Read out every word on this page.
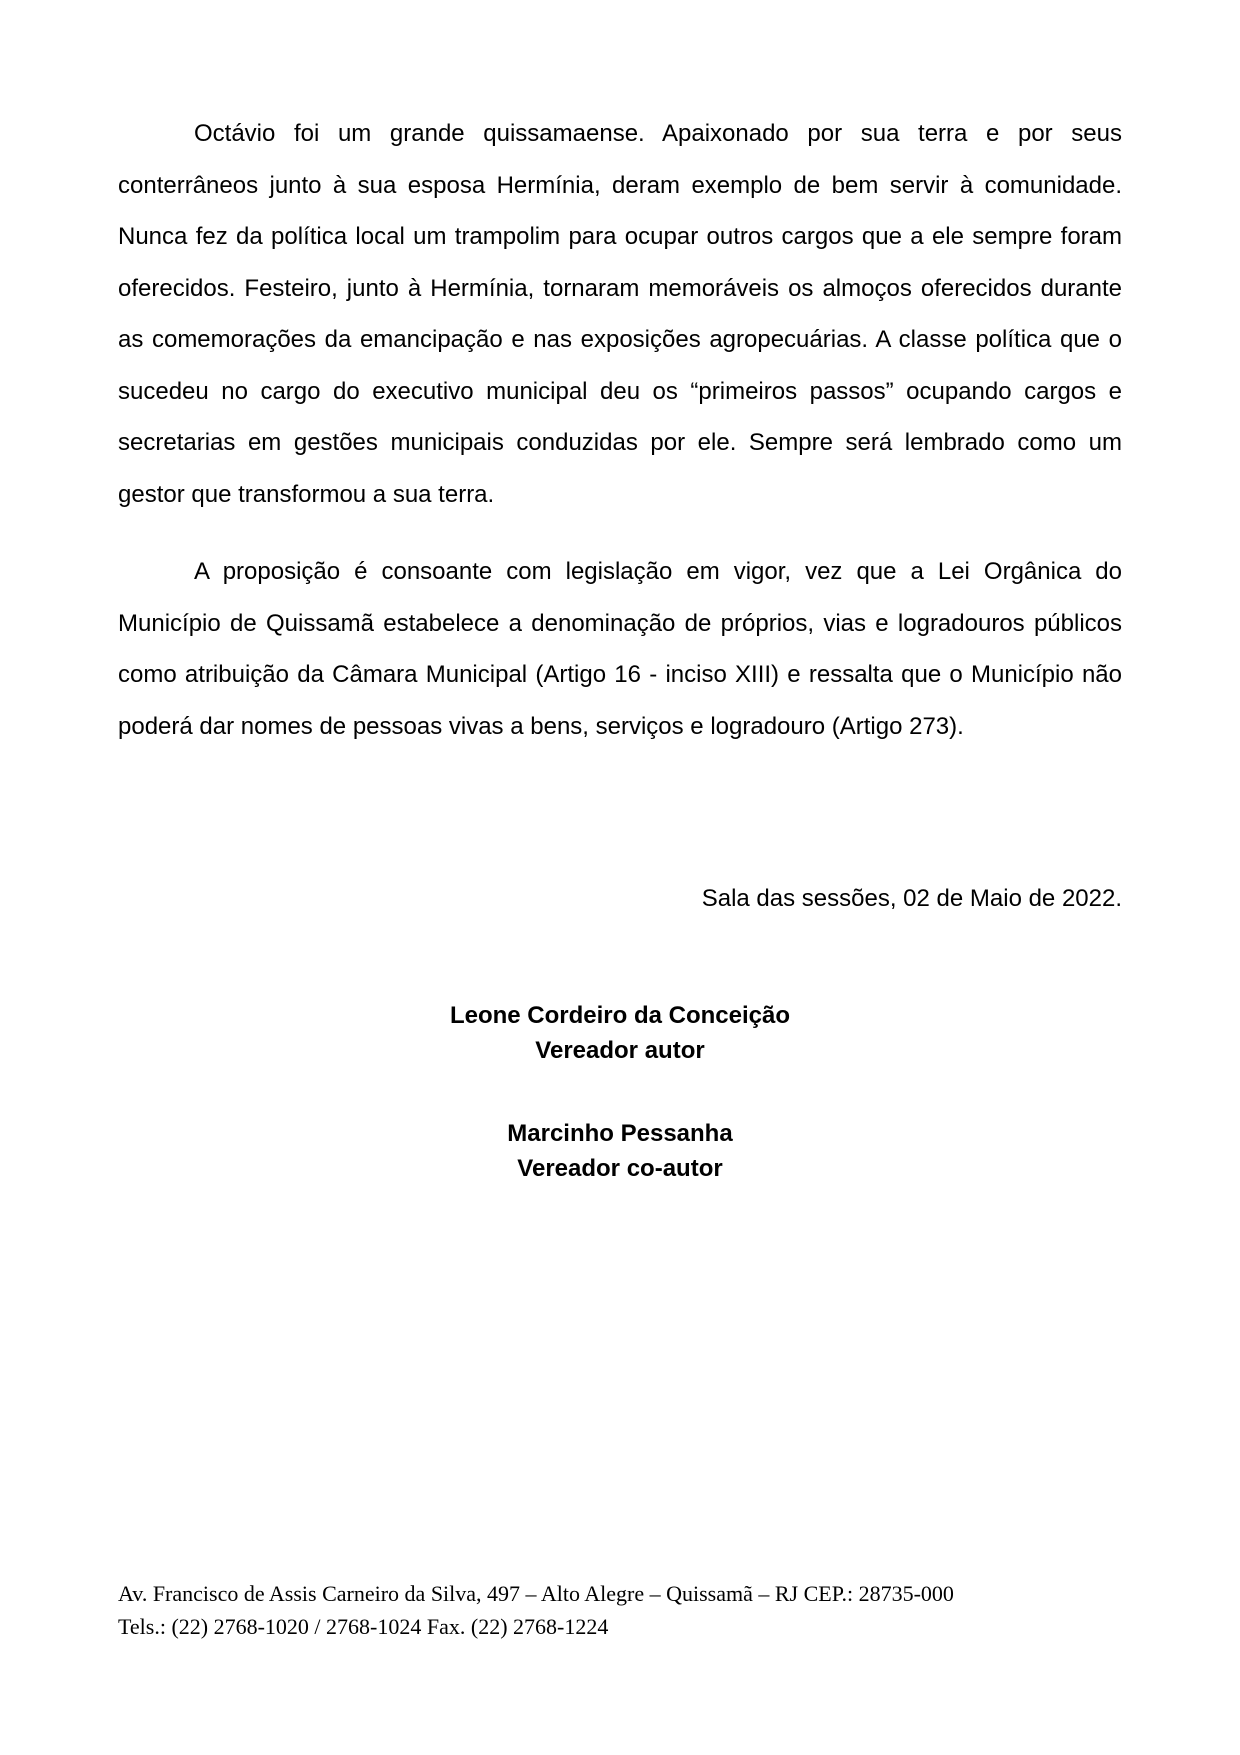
Octávio foi um grande quissamaense. Apaixonado por sua terra e por seus conterrâneos junto à sua esposa Hermínia, deram exemplo de bem servir à comunidade. Nunca fez da política local um trampolim para ocupar outros cargos que a ele sempre foram oferecidos. Festeiro, junto à Hermínia, tornaram memoráveis os almoços oferecidos durante as comemorações da emancipação e nas exposições agropecuárias. A classe política que o sucedeu no cargo do executivo municipal deu os “primeiros passos” ocupando cargos e secretarias em gestões municipais conduzidas por ele. Sempre será lembrado como um gestor que transformou a sua terra.

A proposição é consoante com legislação em vigor, vez que a Lei Orgânica do Município de Quissamã estabelece a denominação de próprios, vias e logradouros públicos como atribuição da Câmara Municipal (Artigo 16 - inciso XIII) e ressalta que o Município não poderá dar nomes de pessoas vivas a bens, serviços e logradouro (Artigo 273).

Sala das sessões, 02 de Maio de 2022.
Leone Cordeiro da Conceição
Vereador autor
Marcinho Pessanha
Vereador co-autor
Av. Francisco de Assis Carneiro da Silva, 497 – Alto Alegre – Quissamã – RJ CEP.: 28735-000
Tels.: (22) 2768-1020 / 2768-1024 Fax. (22) 2768-1224
